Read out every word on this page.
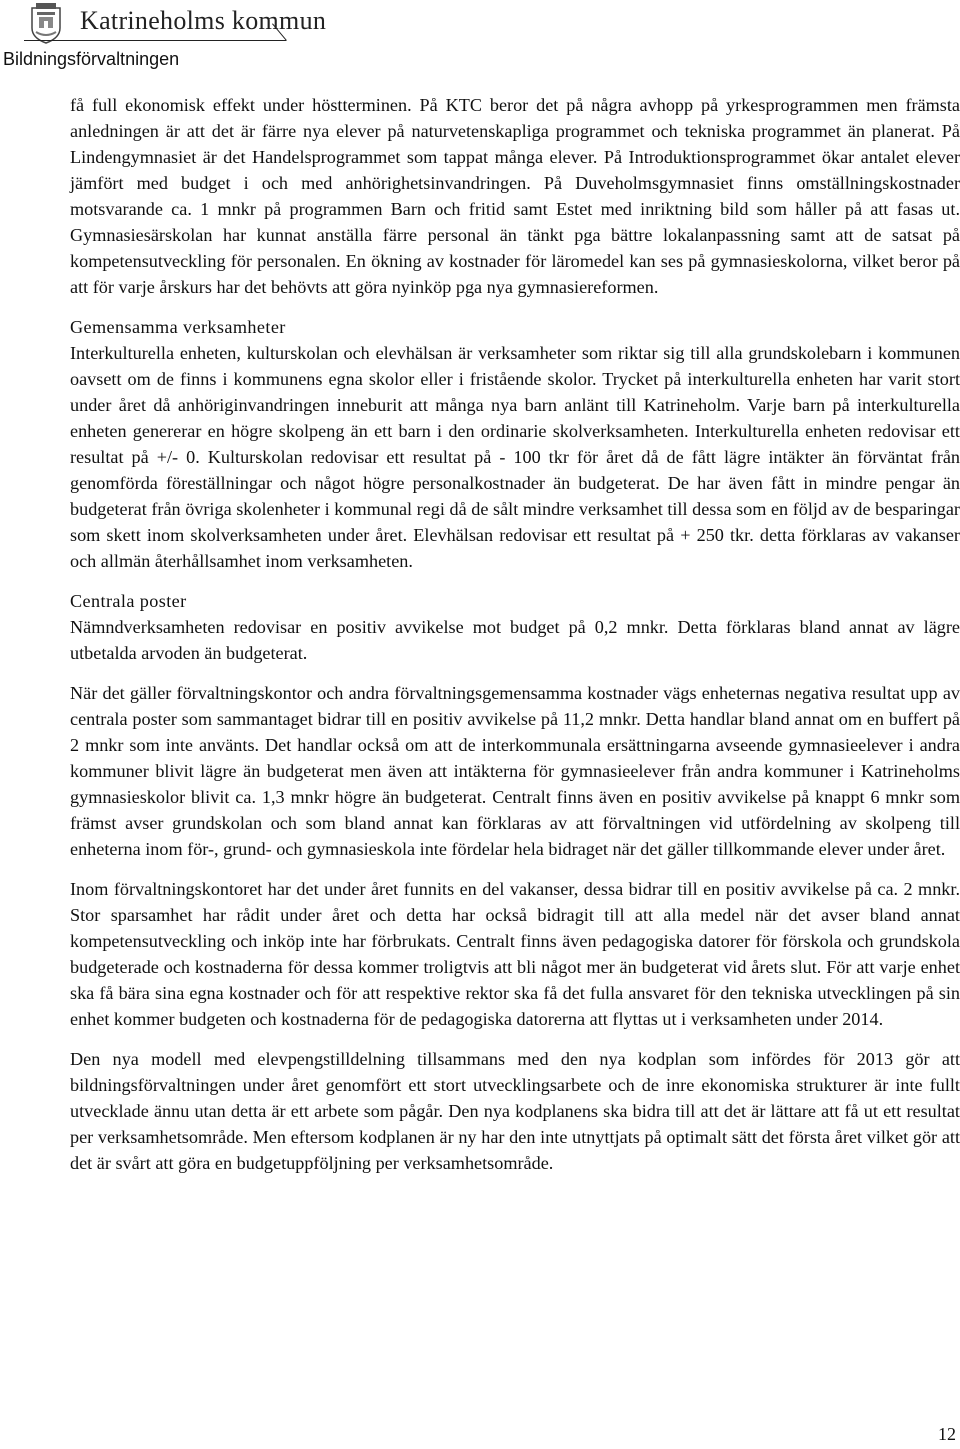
Katrineholms kommun
Bildningsförvaltningen

få full ekonomisk effekt under höstterminen. På KTC beror det på några avhopp på yrkesprogrammen men främsta anledningen är att det är färre nya elever på naturvetenskapliga programmet och tekniska programmet än planerat. På Lindengymnasiet är det Handelsprogrammet som tappat många elever. På Introduktionsprogrammet ökar antalet elever jämfört med budget i och med anhörighetsinvandringen. På Duveholmsgymnasiet finns omställningskostnader motsvarande ca. 1 mnkr på programmen Barn och fritid samt Estet med inriktning bild som håller på att fasas ut. Gymnasiesärskolan har kunnat anställa färre personal än tänkt pga bättre lokalanpassning samt att de satsat på kompetensutveckling för personalen. En ökning av kostnader för läromedel kan ses på gymnasieskolorna, vilket beror på att för varje årskurs har det behövts att göra nyinköp pga nya gymnasiereformen.

Gemensamma verksamheter

Interkulturella enheten, kulturskolan och elevhälsan är verksamheter som riktar sig till alla grundskolebarn i kommunen oavsett om de finns i kommunens egna skolor eller i fristående skolor. Trycket på interkulturella enheten har varit stort under året då anhöriginvandringen inneburit att många nya barn anlänt till Katrineholm. Varje barn på interkulturella enheten genererar en högre skolpeng än ett barn i den ordinarie skolverksamheten. Interkulturella enheten redovisar ett resultat på +/- 0. Kulturskolan redovisar ett resultat på - 100 tkr för året då de fått lägre intäkter än förväntat från genomförda föreställningar och något högre personalkostnader än budgeterat. De har även fått in mindre pengar än budgeterat från övriga skolenheter i kommunal regi då de sålt mindre verksamhet till dessa som en följd av de besparingar som skett inom skolverksamheten under året. Elevhälsan redovisar ett resultat på + 250 tkr. detta förklaras av vakanser och allmän återhållsamhet inom verksamheten.

Centrala poster

Nämndverksamheten redovisar en positiv avvikelse mot budget på 0,2 mnkr. Detta förklaras bland annat av lägre utbetalda arvoden än budgeterat.

När det gäller förvaltningskontor och andra förvaltningsgemensamma kostnader vägs enheternas negativa resultat upp av centrala poster som sammantaget bidrar till en positiv avvikelse på 11,2 mnkr. Detta handlar bland annat om en buffert på 2 mnkr som inte använts. Det handlar också om att de interkommunala ersättningarna avseende gymnasieelever i andra kommuner blivit lägre än budgeterat men även att intäkterna för gymnasieelever från andra kommuner i Katrineholms gymnasieskolor blivit ca. 1,3 mnkr högre än budgeterat. Centralt finns även en positiv avvikelse på knappt 6 mnkr som främst avser grundskolan och som bland annat kan förklaras av att förvaltningen vid utfördelning av skolpeng till enheterna inom för-, grund- och gymnasieskola inte fördelar hela bidraget när det gäller tillkommande elever under året.

Inom förvaltningskontoret har det under året funnits en del vakanser, dessa bidrar till en positiv avvikelse på ca. 2 mnkr. Stor sparsamhet har rådit under året och detta har också bidragit till att alla medel när det avser bland annat kompetensutveckling och inköp inte har förbrukats. Centralt finns även pedagogiska datorer för förskola och grundskola budgeterade och kostnaderna för dessa kommer troligtvis att bli något mer än budgeterat vid årets slut. För att varje enhet ska få bära sina egna kostnader och för att respektive rektor ska få det fulla ansvaret för den tekniska utvecklingen på sin enhet kommer budgeten och kostnaderna för de pedagogiska datorerna att flyttas ut i verksamheten under 2014.

Den nya modell med elevpengstilldelning tillsammans med den nya kodplan som infördes för 2013 gör att bildningsförvaltningen under året genomfört ett stort utvecklingsarbete och de inre ekonomiska strukturer är inte fullt utvecklade ännu utan detta är ett arbete som pågår. Den nya kodplanens ska bidra till att det är lättare att få ut ett resultat per verksamhetsområde. Men eftersom kodplanen är ny har den inte utnyttjats på optimalt sätt det första året vilket gör att det är svårt att göra en budgetuppföljning per verksamhetsområde.

12
